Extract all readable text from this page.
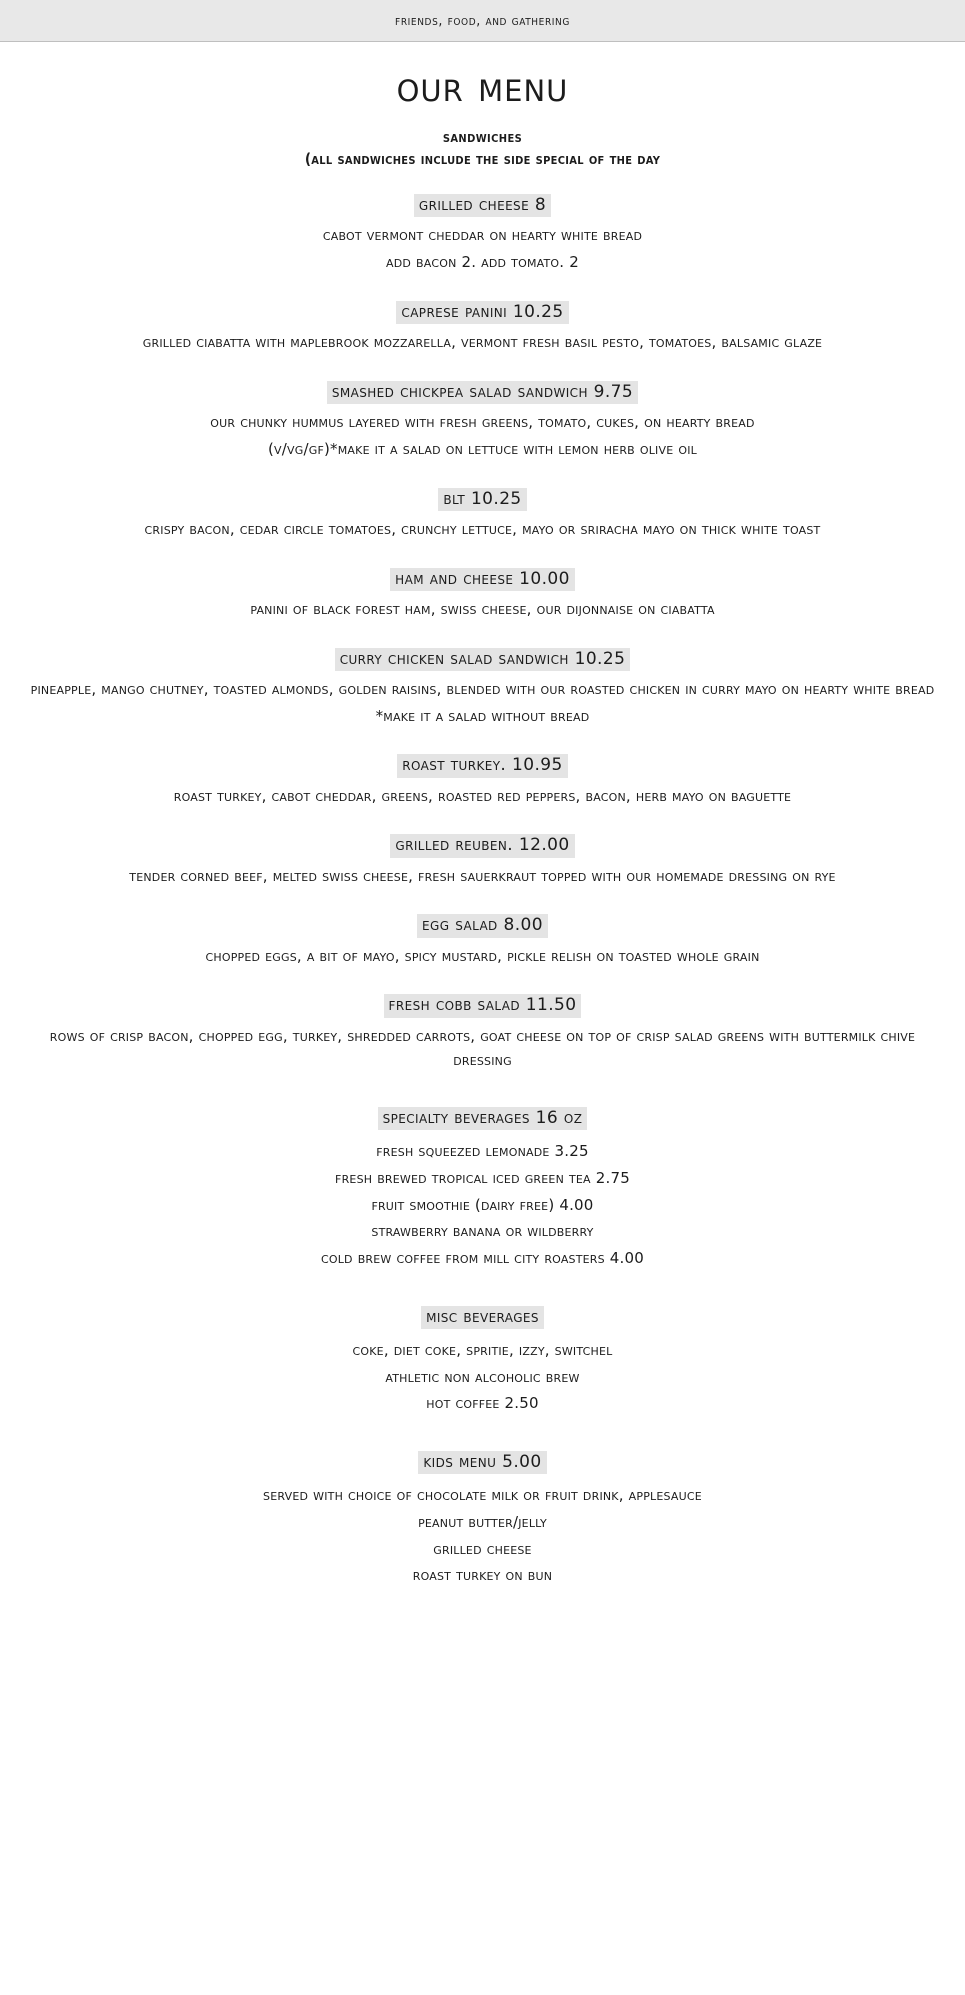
friends, food, and gathering
our menu
sandwiches
(all sandwiches include the side special of the day
grilled cheese 8
cabot vermont cheddar on hearty white bread
add bacon 2. add tomato. 2
caprese panini 10.25
grilled ciabatta with maplebrook mozzarella, vermont fresh basil pesto, tomatoes, balsamic glaze
smashed chickpea salad sandwich 9.75
our chunky hummus layered with fresh greens, tomato, cukes, on hearty bread
(v/vg/gf)*make it a salad on lettuce with lemon herb olive oil
blt 10.25
crispy bacon, cedar circle tomatoes, crunchy lettuce, mayo or sriracha mayo on thick white toast
ham and cheese 10.00
panini of black forest ham, swiss cheese, our dijonnaise on ciabatta
curry chicken salad sandwich 10.25
pineapple, mango chutney, toasted almonds, golden raisins, blended with our roasted chicken in curry mayo on hearty white bread
*make it a salad without bread
roast turkey. 10.95
roast turkey, cabot cheddar, greens, roasted red peppers, bacon, herb mayo on baguette
grilled reuben. 12.00
tender corned beef, melted swiss cheese, fresh sauerkraut topped with our homemade dressing on rye
egg salad 8.00
chopped eggs, a bit of mayo, spicy mustard, pickle relish on toasted whole grain
fresh cobb salad 11.50
rows of crisp bacon, chopped egg, turkey, shredded carrots, goat cheese on top of crisp salad greens with buttermilk chive dressing
specialty beverages 16 oz
fresh squeezed lemonade 3.25
fresh brewed tropical iced green tea 2.75
fruit smoothie (dairy free) 4.00
strawberry banana or wildberry
cold brew coffee from mill city roasters 4.00
misc beverages
coke, diet coke, spritie, izzy, switchel
athletic non alcoholic brew
hot coffee 2.50
kids menu 5.00
served with choice of chocolate milk or fruit drink, applesauce
peanut butter/jelly
grilled cheese
roast turkey on bun
